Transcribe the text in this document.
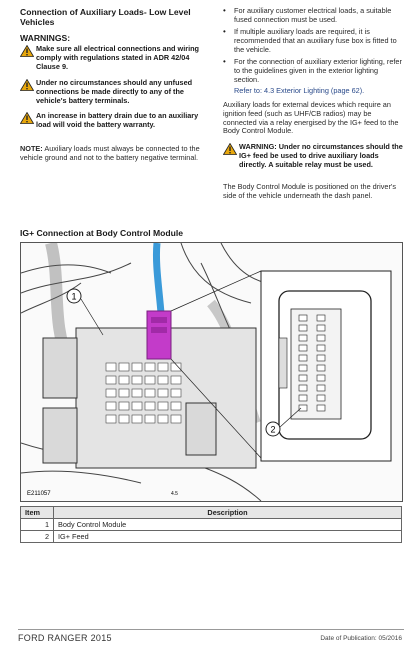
Connection of Auxiliary Loads- Low Level Vehicles
WARNINGS:
Make sure all electrical connections and wiring comply with regulations stated in ADR 42/04 Clause 9.
Under no circumstances should any unfused connections be made directly to any of the vehicle's battery terminals.
An increase in battery drain due to an auxiliary load will void the battery warranty.
NOTE: Auxiliary loads must always be connected to the vehicle ground and not to the battery negative terminal.
• For auxiliary customer electrical loads, a suitable fused connection must be used.
• If multiple auxiliary loads are required, it is recommended that an auxiliary fuse box is fitted to the vehicle.
• For the connection of auxiliary exterior lighting, refer to the guidelines given in the exterior lighting section.
Refer to: 4.3 Exterior Lighting (page 62).
Auxiliary loads for external devices which require an ignition feed (such as UHF/CB radios) may be connected via a relay energised by the IG+ feed to the Body Control Module.
WARNING: Under no circumstances should the IG+ feed be used to drive auxiliary loads directly. A suitable relay must be used.
The Body Control Module is positioned on the driver's side of the vehicle underneath the dash panel.
IG+ Connection at Body Control Module
1
2
E211057	4.5
Item	Description
1	Body Control Module
2	IG+ Feed
FORD RANGER 2015	Date of Publication: 05/2016
